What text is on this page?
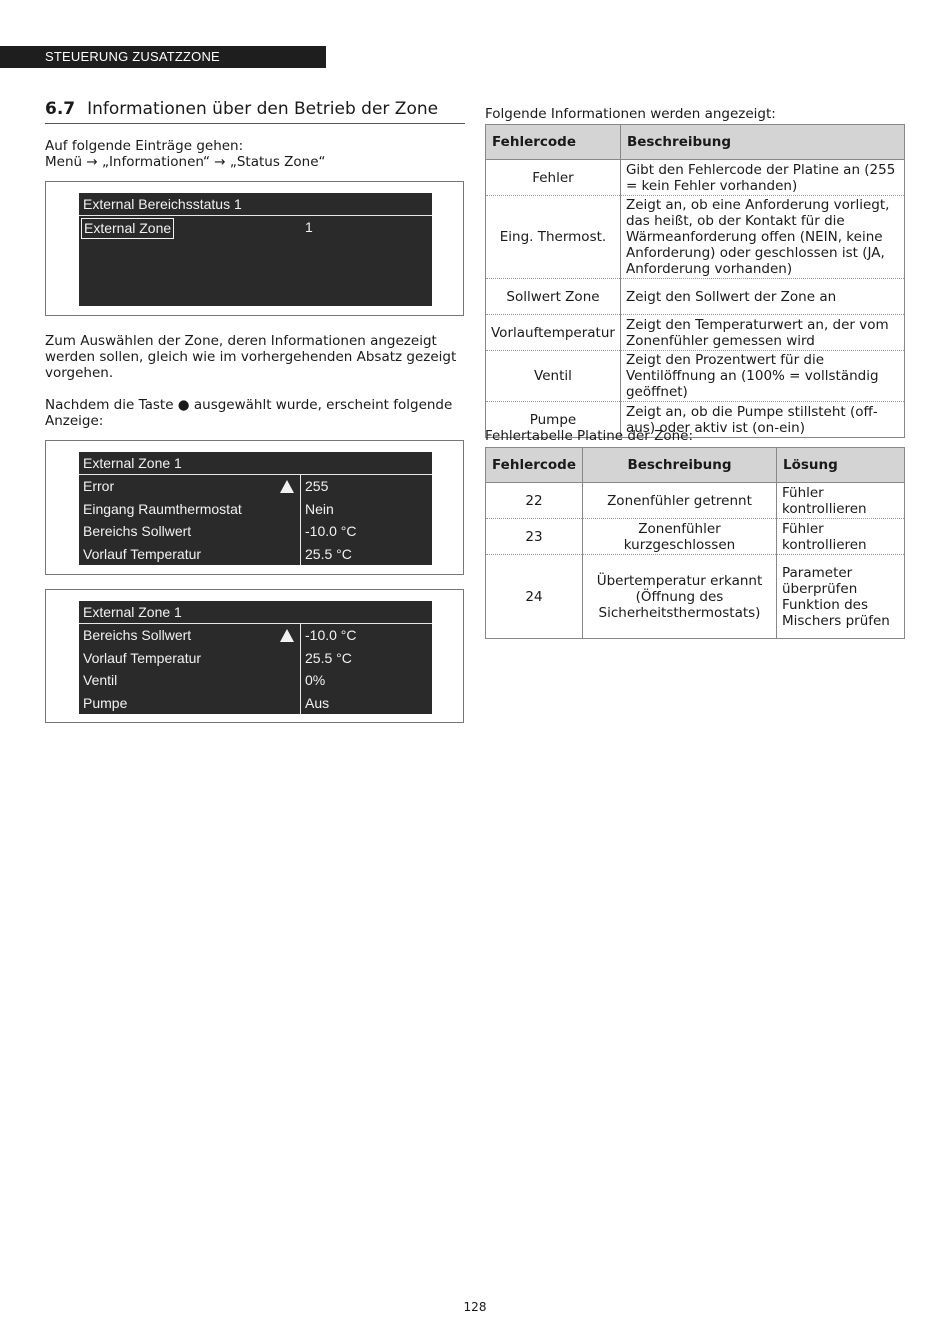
STEUERUNG ZUSATZZONE
6.7 Informationen über den Betrieb der Zone
Auf folgende Einträge gehen:
Menü → „Informationen“ → „Status Zone“
External Bereichsstatus 1
External Zone	1
Zum Auswählen der Zone, deren Informationen angezeigt werden sollen, gleich wie im vorhergehenden Absatz gezeigt vorgehen.
Nachdem die Taste ● ausgewählt wurde, erscheint folgende Anzeige:
External Zone 1
Error	255
Eingang Raumthermostat	Nein
Bereichs Sollwert	-10.0 °C
Vorlauf Temperatur	25.5 °C
External Zone 1
Bereichs Sollwert	-10.0 °C
Vorlauf Temperatur	25.5 °C
Ventil	0%
Pumpe	Aus
Folgende Informationen werden angezeigt:
Fehlercode	Beschreibung
Fehler	Gibt den Fehlercode der Platine an (255 = kein Fehler vorhanden)
Eing. Thermost.	Zeigt an, ob eine Anforderung vorliegt, das heißt, ob der Kontakt für die Wärmeanforderung offen (NEIN, keine Anforderung) oder geschlossen ist (JA, Anforderung vorhanden)
Sollwert Zone	Zeigt den Sollwert der Zone an
Vorlauftemperatur	Zeigt den Temperaturwert an, der vom Zonenfühler gemessen wird
Ventil	Zeigt den Prozentwert für die Ventilöffnung an (100% = vollständig geöffnet)
Pumpe	Zeigt an, ob die Pumpe stillsteht (off-aus) oder aktiv ist (on-ein)
Fehlertabelle Platine der Zone:
Fehlercode	Beschreibung	Lösung
22	Zonenfühler getrennt	Fühler kontrollieren
23	Zonenfühler kurzgeschlossen	Fühler kontrollieren
24	Übertemperatur erkannt (Öffnung des Sicherheitsthermostats)	Parameter überprüfen Funktion des Mischers prüfen
128
